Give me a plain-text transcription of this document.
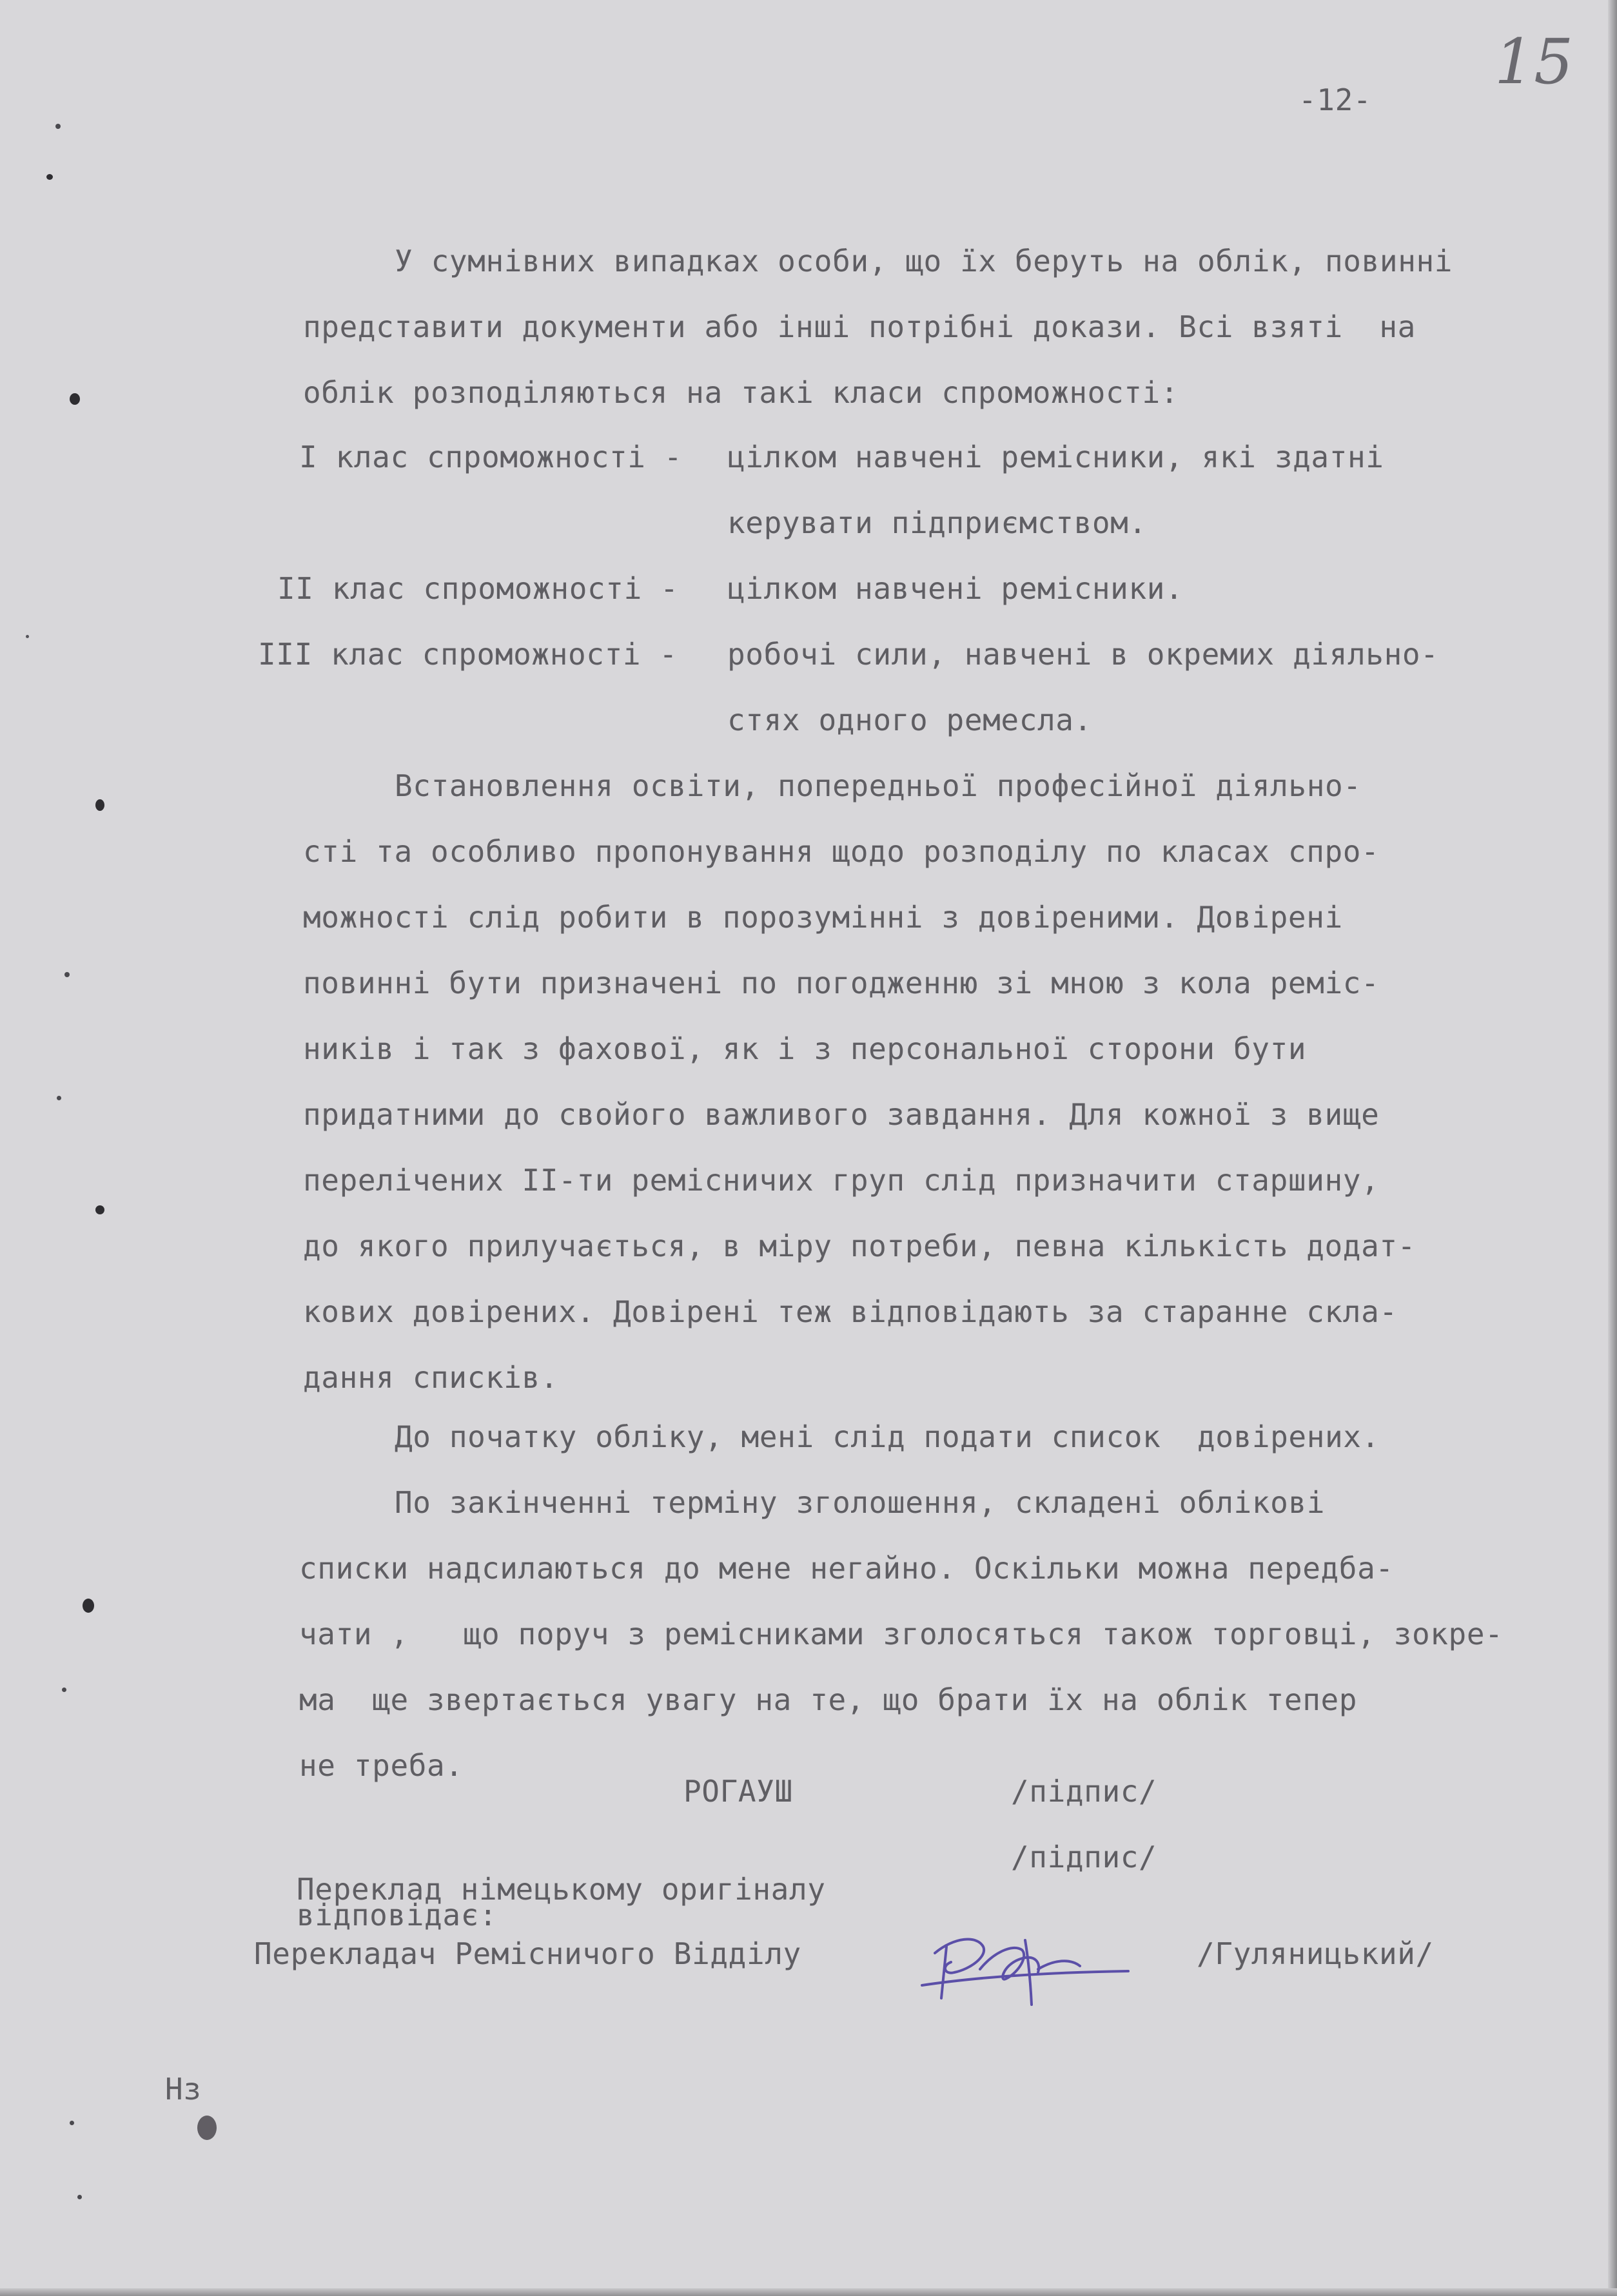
15
-12-
У сумнівних випадках особи, що їх беруть на облік, повинні
представити документи або інші потрібні докази. Всі взяті  на
облік розподіляються на такі класи спроможності:
I клас спроможності - цілком навчені ремісники, які здатні
керувати підприємством.
II клас спроможності - цілком навчені ремісники.
III клас спроможності - робочі сили, навчені в окремих діяльно-
стях одного ремесла.
Встановлення освіти, попередньої професійної діяльно-
сті та особливо пропонування щодо розподілу по класах спро-
можності слід робити в порозумінні з довіреними. Довірені
повинні бути призначені по погодженню зі мною з кола реміс-
ників і так з фахової, як і з персональної сторони бути
придатними до свойого важливого завдання. Для кожної з вище
перелічених II-ти ремісничих груп слід призначити старшину,
до якого прилучається, в міру потреби, певна кількість додат-
кових довірених. Довірені теж відповідають за старанне скла-
дання списків.
До початку обліку, мені слід подати список  довірених.
По закінченні терміну зголошення, складені облікові
списки надсилаються до мене негайно. Оскільки можна передба-
чати ,   що поруч з ремісниками зголосяться також торговці, зокре-
ма  ще звертається увагу на те, що брати їх на облік тепер
не треба.
РОГАУШ	/підпис/
/підпис/
Переклад німецькому оригіналу
відповідає:
Перекладач Ремісничого Відділу	/Гуляницький/
Нз
